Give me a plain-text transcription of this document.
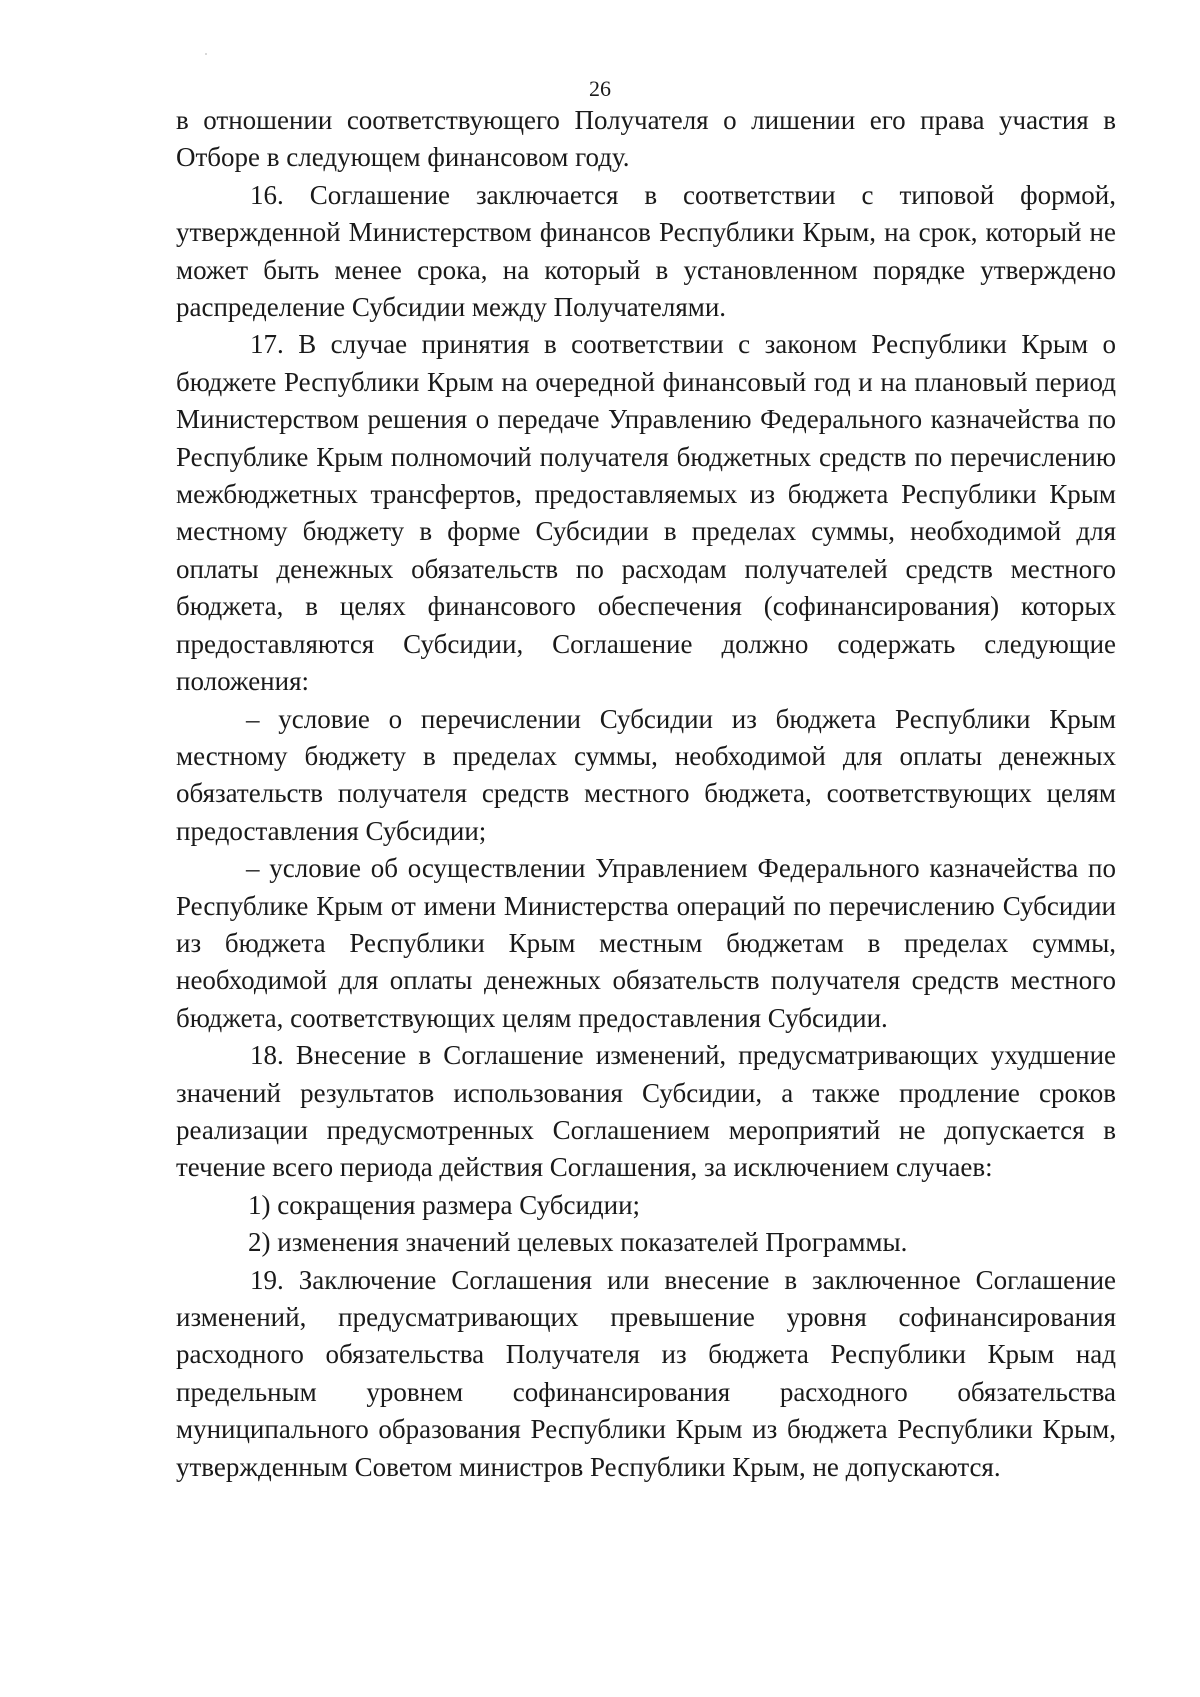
26

в отношении соответствующего Получателя о лишении его права участия в Отборе в следующем финансовом году.

16. Соглашение заключается в соответствии с типовой формой, утвержденной Министерством финансов Республики Крым, на срок, который не может быть менее срока, на который в установленном порядке утверждено распределение Субсидии между Получателями.

17. В случае принятия в соответствии с законом Республики Крым о бюджете Республики Крым на очередной финансовый год и на плановый период Министерством решения о передаче Управлению Федерального казначейства по Республике Крым полномочий получателя бюджетных средств по перечислению межбюджетных трансфертов, предоставляемых из бюджета Республики Крым местному бюджету в форме Субсидии в пределах суммы, необходимой для оплаты денежных обязательств по расходам получателей средств местного бюджета, в целях финансового обеспечения (софинансирования) которых предоставляются Субсидии, Соглашение должно содержать следующие положения:

– условие о перечислении Субсидии из бюджета Республики Крым местному бюджету в пределах суммы, необходимой для оплаты денежных обязательств получателя средств местного бюджета, соответствующих целям предоставления Субсидии;

– условие об осуществлении Управлением Федерального казначейства по Республике Крым от имени Министерства операций по перечислению Субсидии из бюджета Республики Крым местным бюджетам в пределах суммы, необходимой для оплаты денежных обязательств получателя средств местного бюджета, соответствующих целям предоставления Субсидии.

18. Внесение в Соглашение изменений, предусматривающих ухудшение значений результатов использования Субсидии, а также продление сроков реализации предусмотренных Соглашением мероприятий не допускается в течение всего периода действия Соглашения, за исключением случаев:

1) сокращения размера Субсидии;

2) изменения значений целевых показателей Программы.

19. Заключение Соглашения или внесение в заключенное Соглашение изменений, предусматривающих превышение уровня софинансирования расходного обязательства Получателя из бюджета Республики Крым над предельным уровнем софинансирования расходного обязательства муниципального образования Республики Крым из бюджета Республики Крым, утвержденным Советом министров Республики Крым, не допускаются.
